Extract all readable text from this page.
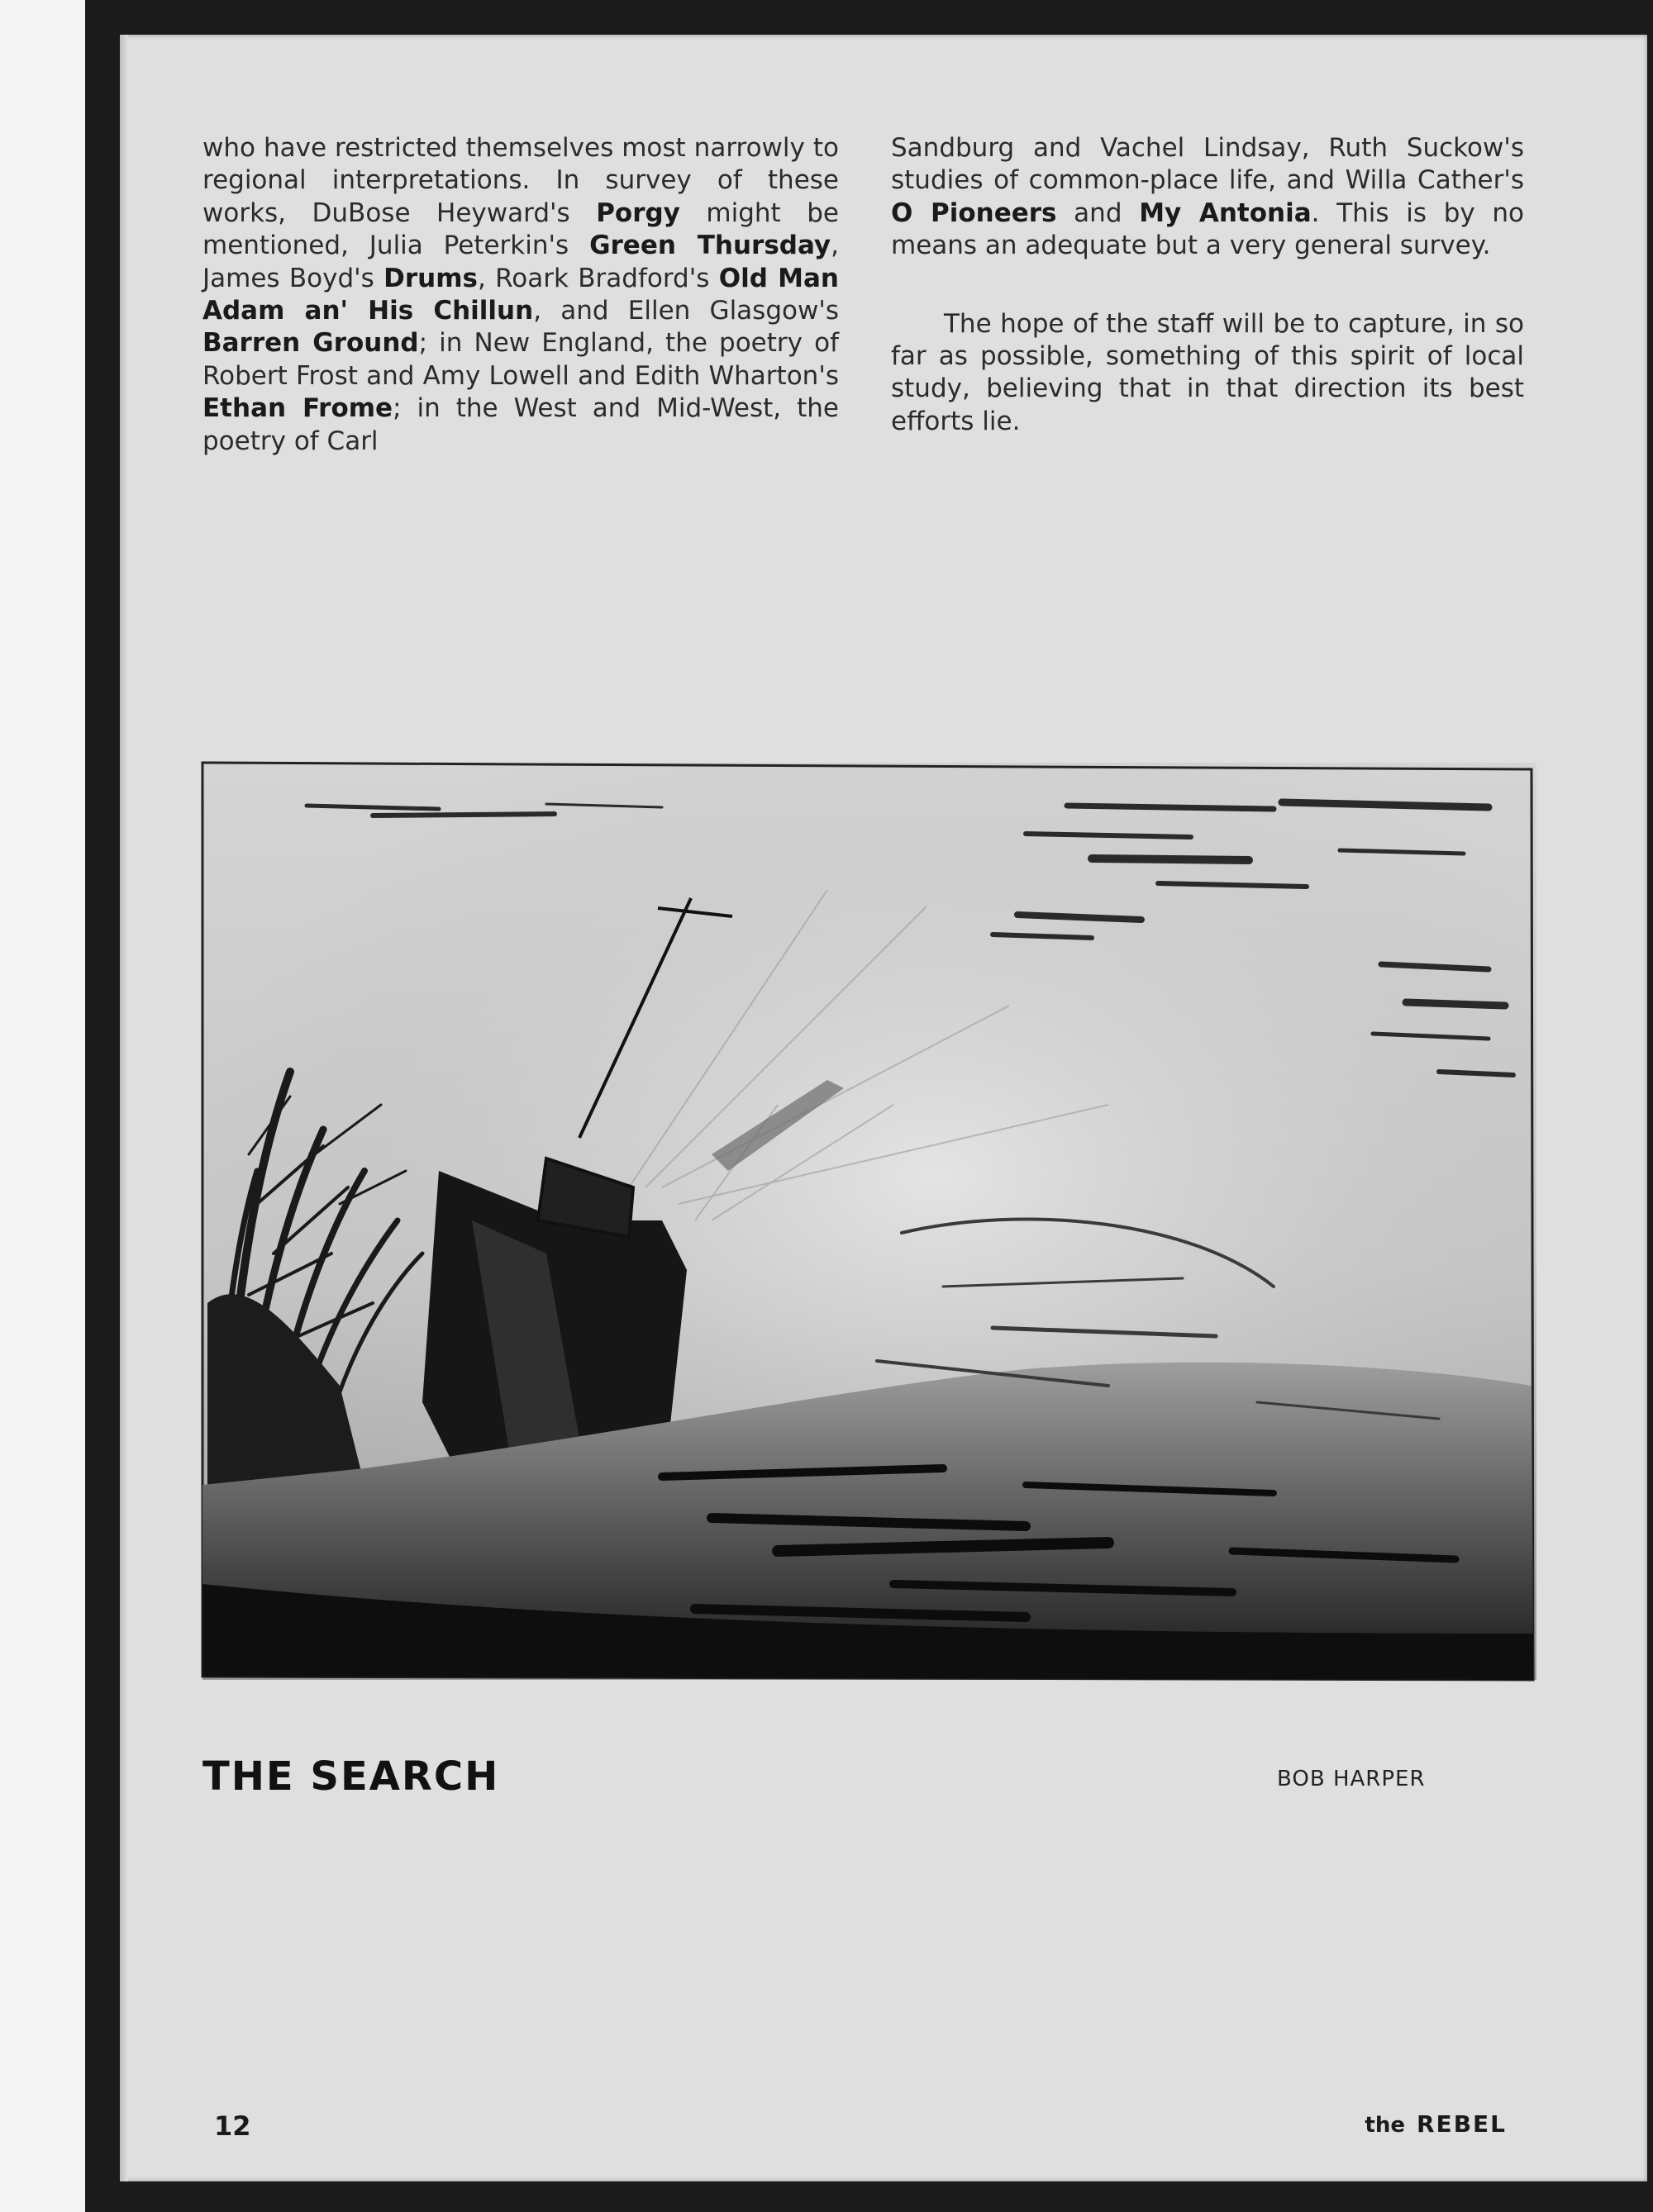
who have restricted themselves most narrowly to regional interpretations. In survey of these works, DuBose Heyward's Porgy might be mentioned, Julia Peterkin's Green Thursday, James Boyd's Drums, Roark Bradford's Old Man Adam an' His Chillun, and Ellen Glasgow's Barren Ground; in New England, the poetry of Robert Frost and Amy Lowell and Edith Wharton's Ethan Frome; in the West and Mid-West, the poetry of Carl

Sandburg and Vachel Lindsay, Ruth Suckow's studies of common-place life, and Willa Cather's O Pioneers and My Antonia. This is by no means an adequate but a very general survey.

The hope of the staff will be to capture, in so far as possible, something of this spirit of local study, believing that in that direction its best efforts lie.

THE SEARCH	BOB HARPER
12	the REBEL
